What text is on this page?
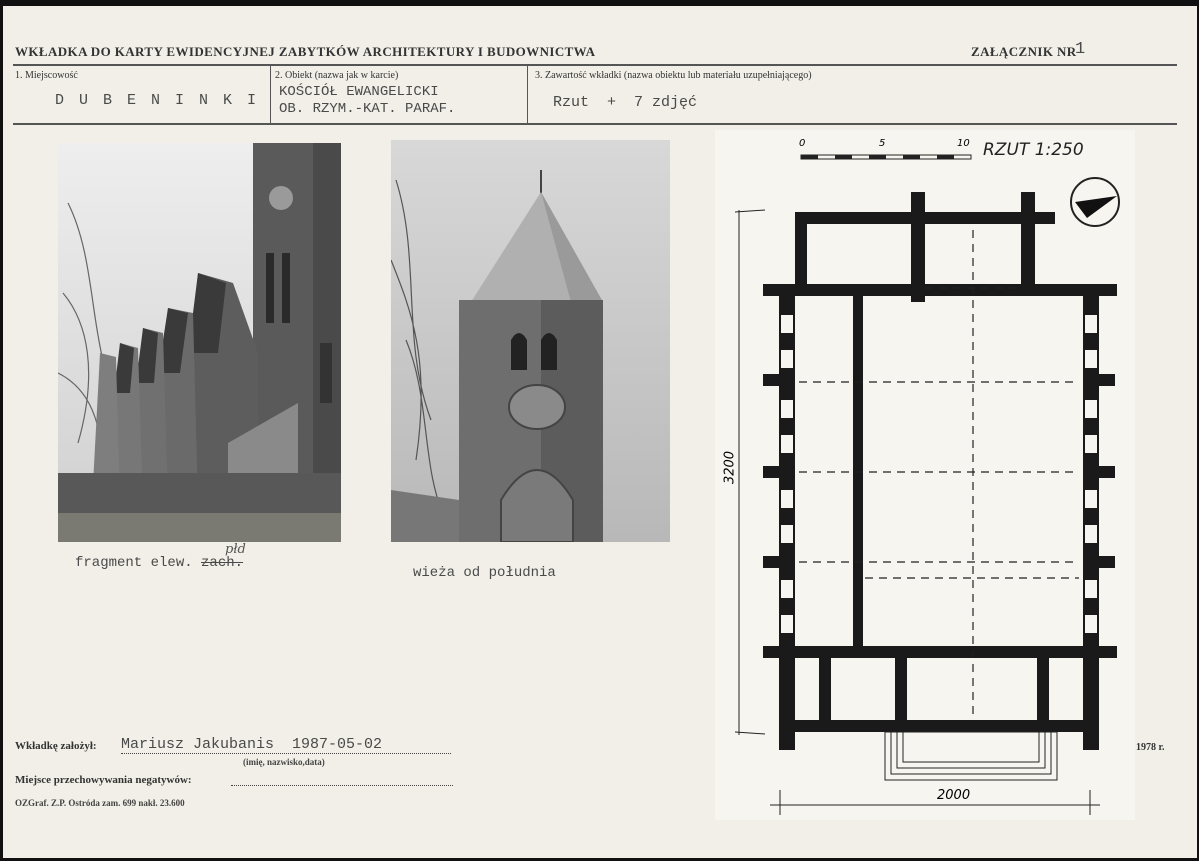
WKŁADKA DO KARTY EWIDENCYJNEJ ZABYTKÓW ARCHITEKTURY I BUDOWNICTWA	ZAŁĄCZNIK NR
1
1. Miejscowość
D U B E N I N K I
2. Obiekt (nazwa jak w karcie)
KOŚCIÓŁ EWANGELICKI
OB. RZYM.-KAT. PARAF.
3. Zawartość wkładki (nazwa obiektu lub materiału uzupełniającego)
Rzut  +  7 zdjęć
fragment elew. zach.
płd
wieża od południa
RZUT 1:250
0	5	10
3200
2000
1978 r.
Wkładkę założył: Mariusz Jakubanis  1987-05-02
(imię, nazwisko,data)
Miejsce przechowywania negatywów:
OZGraf. Z.P. Ostróda zam. 699 nakł. 23.600
